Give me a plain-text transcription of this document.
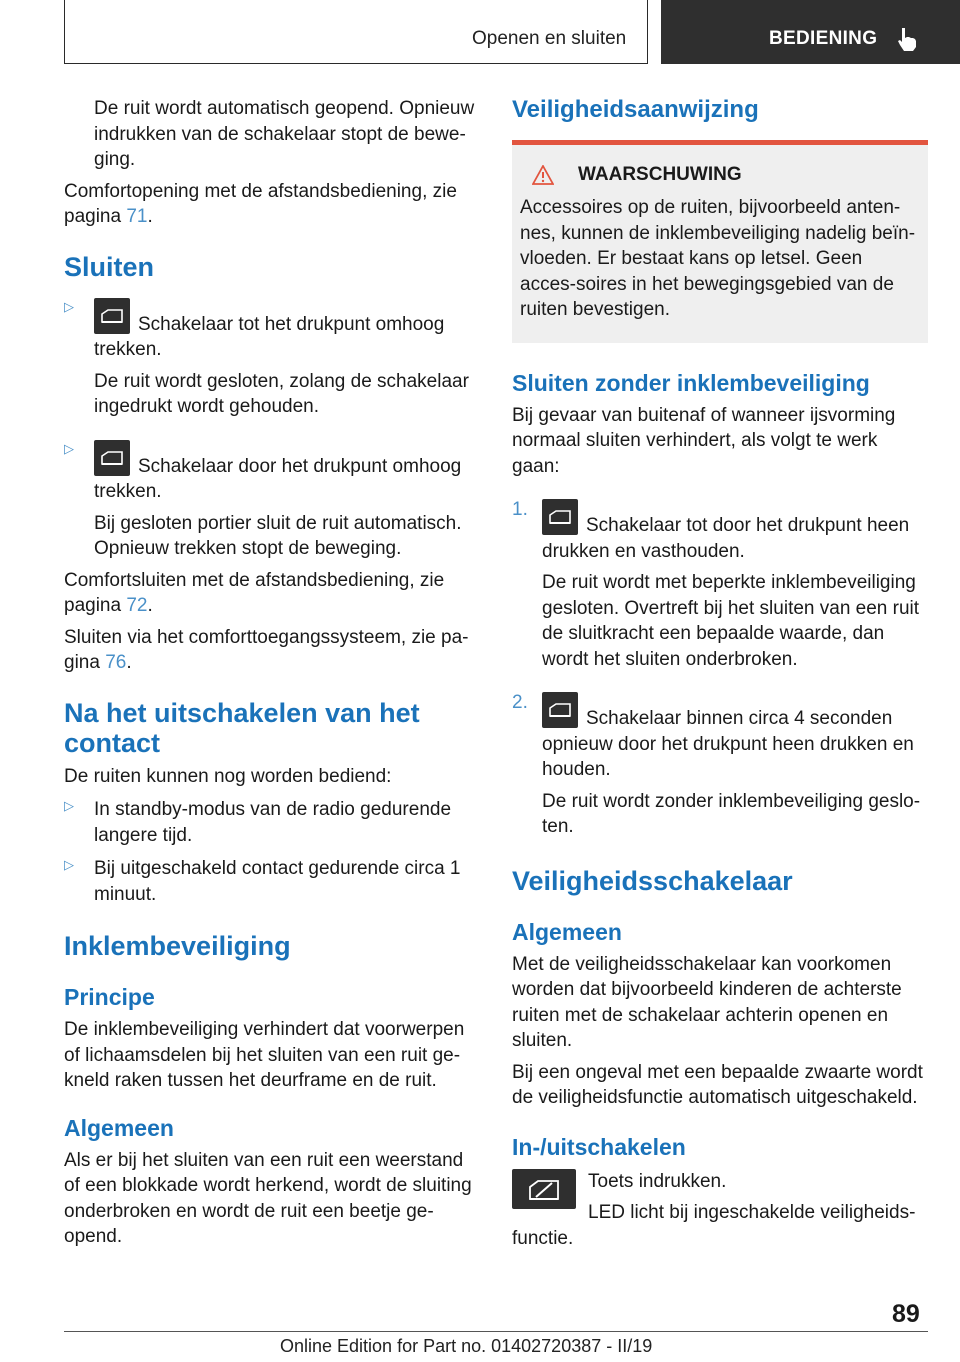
Openen en sluiten	BEDIENING

De ruit wordt automatisch geopend. Opnieuw indrukken van de schakelaar stopt de bewe‐ging.

Comfortopening met de afstandsbediening, zie pagina 71.

Sluiten
▷

Schakelaar tot het drukpunt omhoog trekken.

De ruit wordt gesloten, zolang de schakelaar ingedrukt wordt gehouden.

▷

Schakelaar door het drukpunt omhoog trekken.

Bij gesloten portier sluit de ruit automatisch. Opnieuw trekken stopt de beweging.

Comfortsluiten met de afstandsbediening, zie pagina 72.

Sluiten via het comforttoegangssysteem, zie pa‐gina 76.

Na het uitschakelen van het contact

De ruiten kunnen nog worden bediend:

▷ In standby-modus van de radio gedurende langere tijd.

▷ Bij uitgeschakeld contact gedurende circa 1 minuut.

Inklembeveiliging
Principe

De inklembeveiliging verhindert dat voorwerpen of lichaamsdelen bij het sluiten van een ruit ge‐kneld raken tussen het deurframe en de ruit.

Algemeen

Als er bij het sluiten van een ruit een weerstand of een blokkade wordt herkend, wordt de sluiting onderbroken en wordt de ruit een beetje ge‐opend.

Veiligheidsaanwijzing
WAARSCHUWING

Accessoires op de ruiten, bijvoorbeeld anten‐nes, kunnen de inklembeveiliging nadelig beïn‐vloeden. Er bestaat kans op letsel. Geen acces‐soires in het bewegingsgebied van de ruiten bevestigen.

Sluiten zonder inklembeveiliging

Bij gevaar van buitenaf of wanneer ijsvorming normaal sluiten verhindert, als volgt te werk gaan:

1.

Schakelaar tot door het drukpunt heen drukken en vasthouden.

De ruit wordt met beperkte inklembeveiliging gesloten. Overtreft bij het sluiten van een ruit de sluitkracht een bepaalde waarde, dan wordt het sluiten onderbroken.

2.

Schakelaar binnen circa 4 seconden opnieuw door het drukpunt heen drukken en houden.

De ruit wordt zonder inklembeveiliging geslo‐ten.

Veiligheidsschakelaar
Algemeen

Met de veiligheidsschakelaar kan voorkomen worden dat bijvoorbeeld kinderen de achterste ruiten met de schakelaar achterin openen en sluiten.

Bij een ongeval met een bepaalde zwaarte wordt de veiligheidsfunctie automatisch uitgeschakeld.

In-/uitschakelen

Toets indrukken.

LED licht bij ingeschakelde veiligheids‐

functie.

89
Online Edition for Part no. 01402720387 - II/19
